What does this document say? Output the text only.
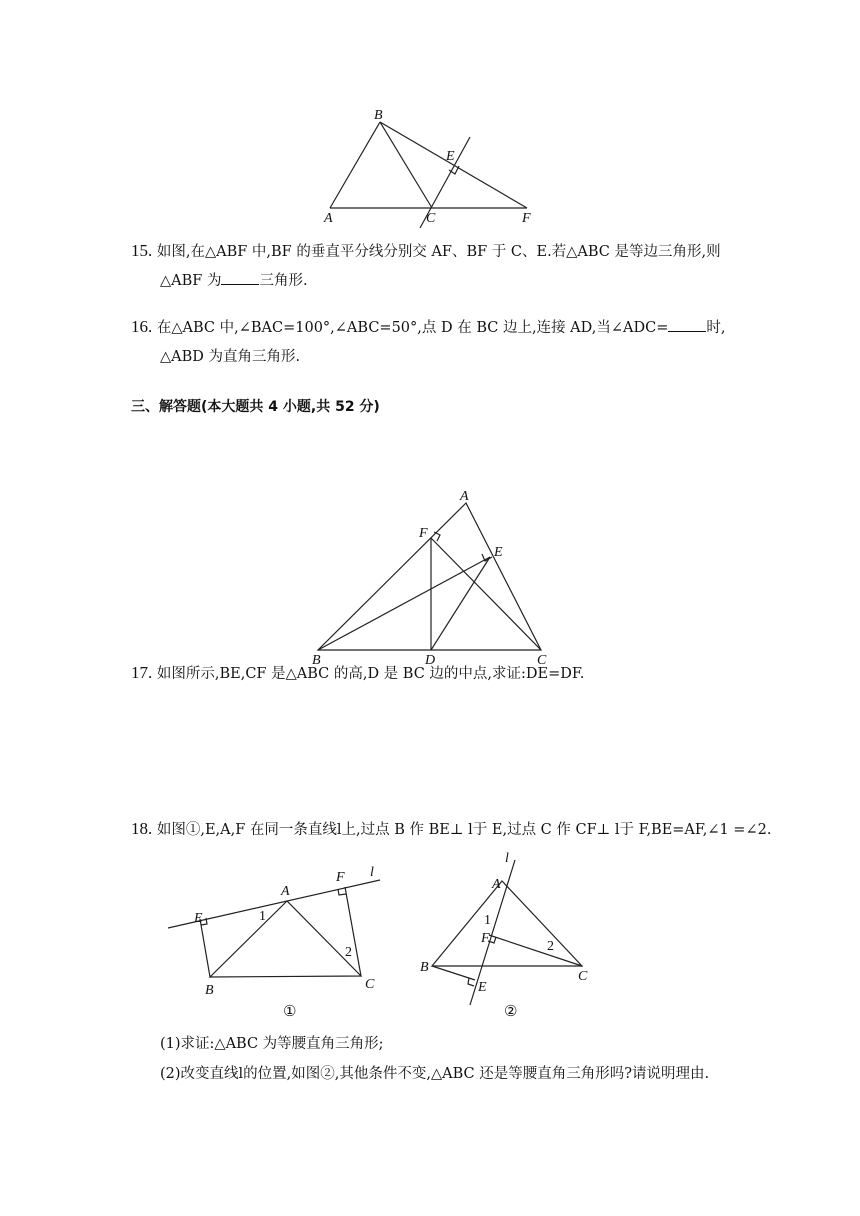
B
E
A	C	F
15. 如图,在△ABF 中,BF 的垂直平分线分别交 AF、BF 于 C、E.若△ABC 是等边三角形,则
△ABF 为	三角形.
16. 在△ABC 中,∠BAC=100°,∠ABC=50°,点 D 在 BC 边上,连接 AD,当∠ADC=	时,
△ABD 为直角三角形.
三、解答题(本大题共 4 小题,共 52 分)
A
F
E
B	D	C
17. 如图所示,BE,CF 是△ABC 的高,D 是 BC 边的中点,求证:DE=DF.
18. 如图①,E,A,F 在同一条直线l上,过点 B 作 BE⊥ l于 E,过点 C 作 CF⊥ l于 F,BE=AF,∠1 =∠2.
l
F
A
E	1
2
B	C
①
l
A
1
F
2
B
C
E
②
(1)求证:△ABC 为等腰直角三角形;
(2)改变直线l的位置,如图②,其他条件不变,△ABC 还是等腰直角三角形吗?请说明理由.
